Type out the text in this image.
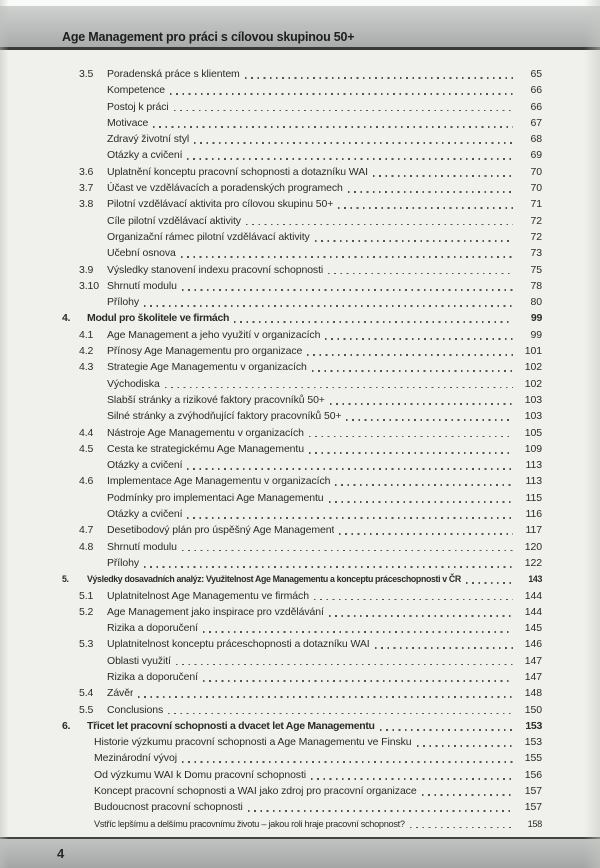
Age Management pro práci s cílovou skupinou 50+
3.5	Poradenská práce s klientem	65
Kompetence	66
Postoj k práci	66
Motivace	67
Zdravý životní styl	68
Otázky a cvičení	69
3.6	Uplatnění konceptu pracovní schopnosti a dotazníku WAI	70
3.7	Účast ve vzdělávacích a poradenských programech	70
3.8	Pilotní vzdělávací aktivita pro cílovou skupinu 50+	71
Cíle pilotní vzdělávací aktivity	72
Organizační rámec pilotní vzdělávací aktivity	72
Učební osnova	73
3.9	Výsledky stanovení indexu pracovní schopnosti	75
3.10 Shrnutí modulu	78
Přílohy	80
4.	Modul pro školitele ve firmách	99
4.1	Age Management a jeho využití v organizacích	99
4.2	Přínosy Age Managementu pro organizace	101
4.3	Strategie Age Managementu v organizacích	102
Východiska	102
Slabší stránky a rizikové faktory pracovníků 50+	103
Silné stránky a zvýhodňující faktory pracovníků 50+	103
4.4	Nástroje Age Managementu v organizacích	105
4.5	Cesta ke strategickému Age Managementu	109
Otázky a cvičení	113
4.6	Implementace Age Managementu v organizacích	113
Podmínky pro implementaci Age Managementu	115
Otázky a cvičení	116
4.7	Desetibodový plán pro úspěšný Age Management	117
4.8	Shrnutí modulu	120
Přílohy	122
5.	Výsledky dosavadních analýz: Využitelnost Age Managementu a konceptu práceschopnosti v ČR	143
5.1	Uplatnitelnost Age Managementu ve firmách	144
5.2	Age Management jako inspirace pro vzdělávání	144
Rizika a doporučení	145
5.3	Uplatnitelnost konceptu práceschopnosti a dotazníku WAI	146
Oblasti využití	147
Rizika a doporučení	147
5.4	Závěr	148
5.5	Conclusions	150
6.	Třicet let pracovní schopnosti a dvacet let Age Managementu	153
Historie výzkumu pracovní schopnosti a Age Managementu ve Finsku	153
Mezinárodní vývoj	155
Od výzkumu WAI k Domu pracovní schopnosti	156
Koncept pracovní schopnosti a WAI jako zdroj pro pracovní organizace	157
Budoucnost pracovní schopnosti	157
Vstříc lepšímu a delšímu pracovnímu životu – jakou roli hraje pracovní schopnost?	158
4
